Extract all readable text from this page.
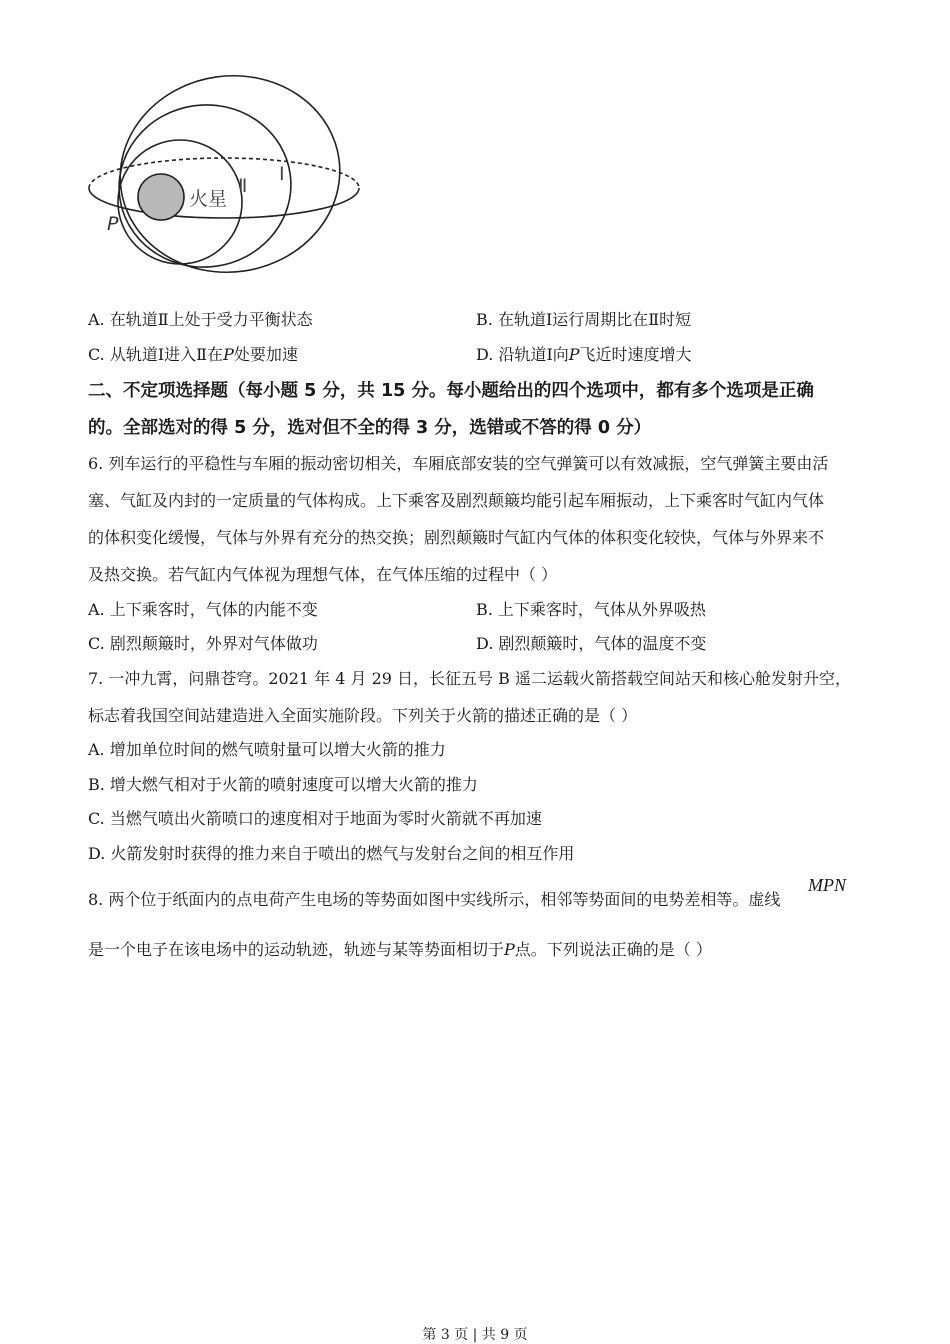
火星
P
Ⅱ
Ⅰ
A. 在轨道Ⅱ上处于受力平衡状态	B. 在轨道Ⅰ运行周期比在Ⅱ时短
C. 从轨道Ⅰ进入Ⅱ在P处要加速	D. 沿轨道Ⅰ向P飞近时速度增大
二、不定项选择题（每小题 5 分，共 15 分。每小题给出的四个选项中，都有多个选项是正确
的。全部选对的得 5 分，选对但不全的得 3 分，选错或不答的得 0 分）
6. 列车运行的平稳性与车厢的振动密切相关，车厢底部安装的空气弹簧可以有效减振，空气弹簧主要由活
塞、气缸及内封的一定质量的气体构成。上下乘客及剧烈颠簸均能引起车厢振动，上下乘客时气缸内气体
的体积变化缓慢，气体与外界有充分的热交换；剧烈颠簸时气缸内气体的体积变化较快，气体与外界来不
及热交换。若气缸内气体视为理想气体，在气体压缩的过程中（ ）
A. 上下乘客时，气体的内能不变	B. 上下乘客时，气体从外界吸热
C. 剧烈颠簸时，外界对气体做功	D. 剧烈颠簸时，气体的温度不变
7. 一冲九霄，问鼎苍穹。2021 年 4 月 29 日，长征五号 B 遥二运载火箭搭载空间站天和核心舱发射升空，
标志着我国空间站建造进入全面实施阶段。下列关于火箭的描述正确的是（ ）
A. 增加单位时间的燃气喷射量可以增大火箭的推力
B. 增大燃气相对于火箭的喷射速度可以增大火箭的推力
C. 当燃气喷出火箭喷口的速度相对于地面为零时火箭就不再加速
D. 火箭发射时获得的推力来自于喷出的燃气与发射台之间的相互作用
8. 两个位于纸面内的点电荷产生电场的等势面如图中实线所示，相邻等势面间的电势差相等。虚线
MPN
是一个电子在该电场中的运动轨迹，轨迹与某等势面相切于P点。下列说法正确的是（ ）
第 3 页 | 共 9 页
